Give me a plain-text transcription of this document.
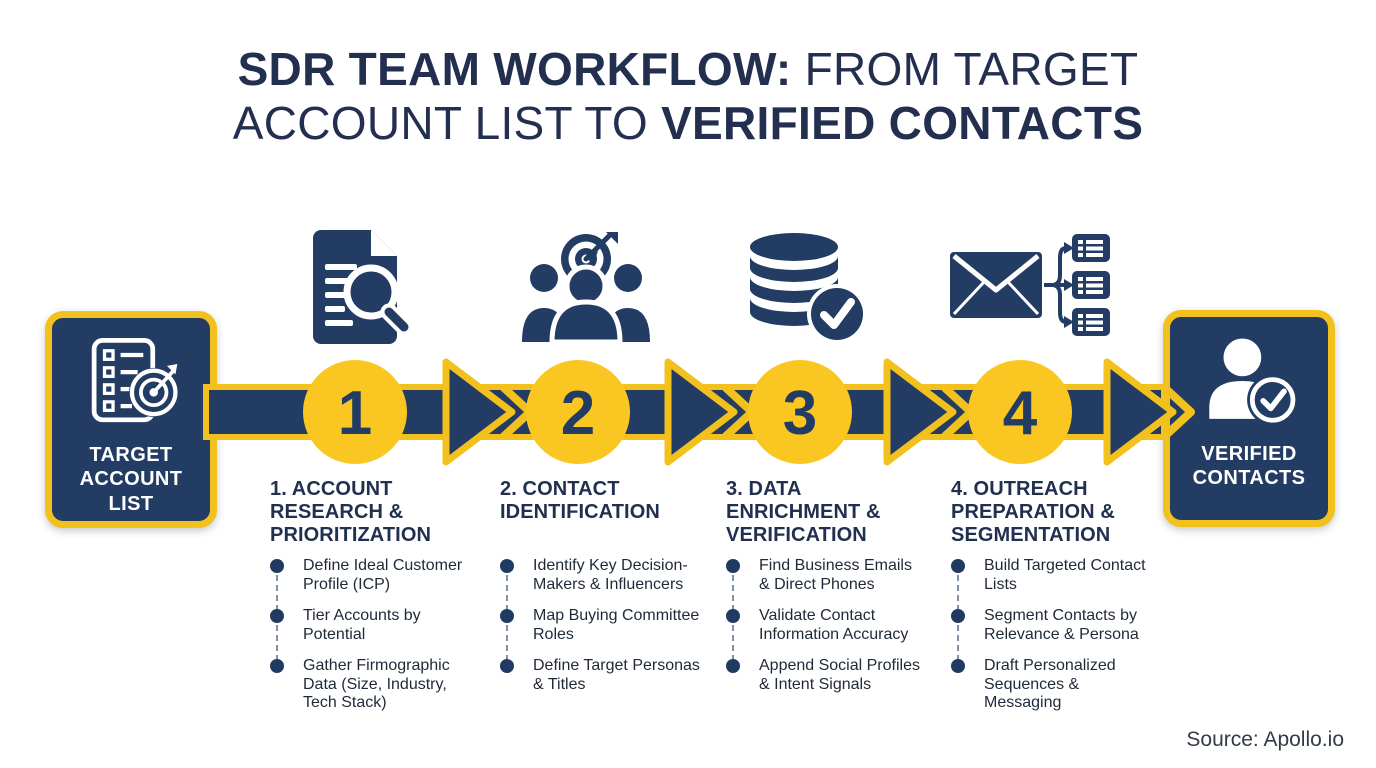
SDR TEAM WORKFLOW: FROM TARGET
ACCOUNT LIST TO VERIFIED CONTACTS
TARGET ACCOUNT LIST
VERIFIED CONTACTS
1	2	3	4
1. ACCOUNT RESEARCH & PRIORITIZATION
Define Ideal Customer Profile (ICP)
Tier Accounts by Potential
Gather Firmographic Data (Size, Industry, Tech Stack)
2. CONTACT IDENTIFICATION
Identify Key Decision-Makers & Influencers
Map Buying Committee Roles
Define Target Personas & Titles
3. DATA ENRICHMENT & VERIFICATION
Find Business Emails & Direct Phones
Validate Contact Information Accuracy
Append Social Profiles & Intent Signals
4. OUTREACH PREPARATION & SEGMENTATION
Build Targeted Contact Lists
Segment Contacts by Relevance & Persona
Draft Personalized Sequences & Messaging
Source: Apollo.io
